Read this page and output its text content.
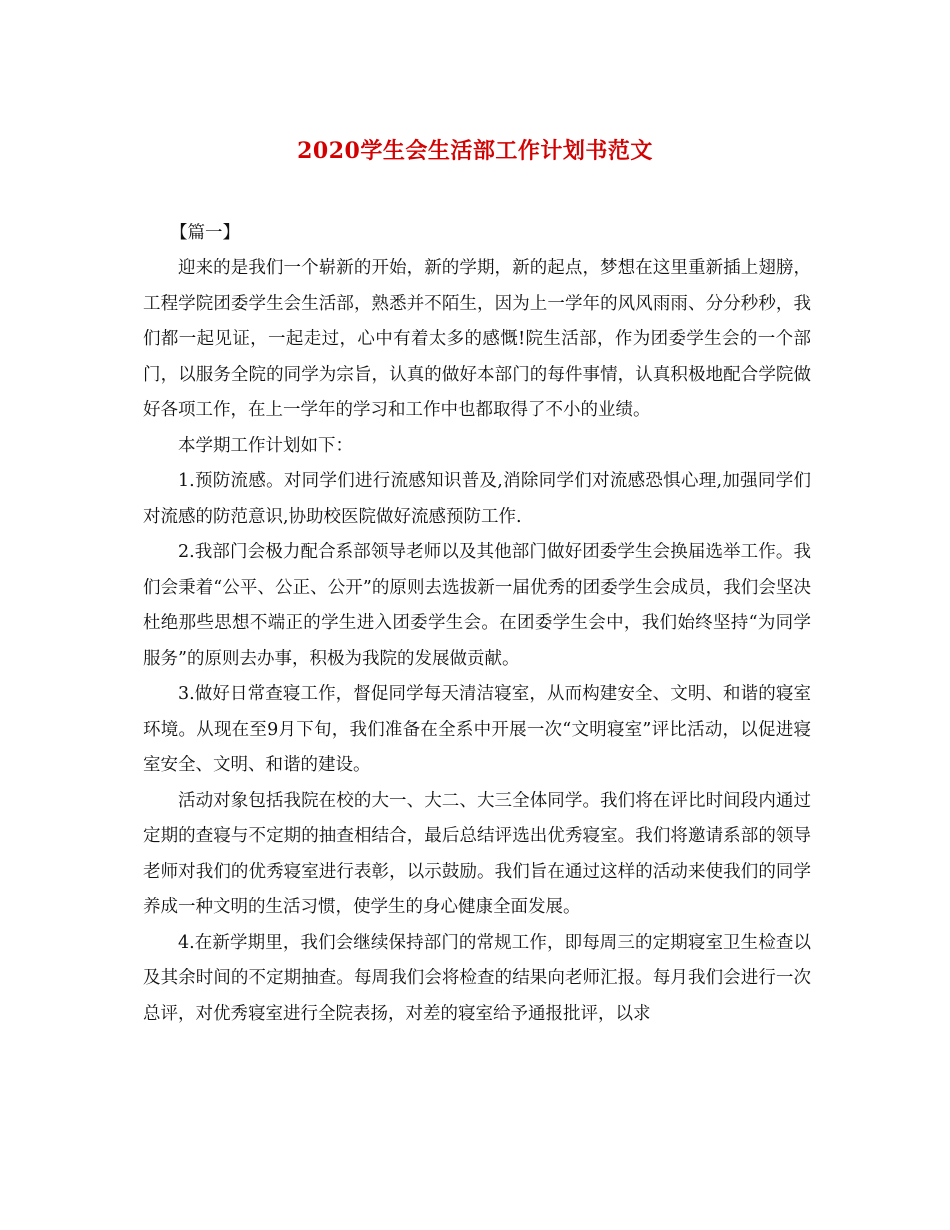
2020学生会生活部工作计划书范文
【篇一】

迎来的是我们一个崭新的开始，新的学期，新的起点，梦想在这里重新插上翅膀，工程学院团委学生会生活部，熟悉并不陌生，因为上一学年的风风雨雨、分分秒秒，我们都一起见证，一起走过，心中有着太多的感慨!院生活部，作为团委学生会的一个部门，以服务全院的同学为宗旨，认真的做好本部门的每件事情，认真积极地配合学院做好各项工作，在上一学年的学习和工作中也都取得了不小的业绩。

本学期工作计划如下：

1.预防流感。对同学们进行流感知识普及,消除同学们对流感恐惧心理,加强同学们对流感的防范意识,协助校医院做好流感预防工作.

2.我部门会极力配合系部领导老师以及其他部门做好团委学生会换届选举工作。我们会秉着“公平、公正、公开”的原则去选拔新一届优秀的团委学生会成员，我们会坚决杜绝那些思想不端正的学生进入团委学生会。在团委学生会中，我们始终坚持“为同学服务”的原则去办事，积极为我院的发展做贡献。

3.做好日常查寝工作，督促同学每天清洁寝室，从而构建安全、文明、和谐的寝室环境。从现在至9月下旬，我们准备在全系中开展一次“文明寝室”评比活动，以促进寝室安全、文明、和谐的建设。

活动对象包括我院在校的大一、大二、大三全体同学。我们将在评比时间段内通过定期的查寝与不定期的抽查相结合，最后总结评选出优秀寝室。我们将邀请系部的领导老师对我们的优秀寝室进行表彰，以示鼓励。我们旨在通过这样的活动来使我们的同学养成一种文明的生活习惯，使学生的身心健康全面发展。

4.在新学期里，我们会继续保持部门的常规工作，即每周三的定期寝室卫生检查以及其余时间的不定期抽查。每周我们会将检查的结果向老师汇报。每月我们会进行一次总评，对优秀寝室进行全院表扬，对差的寝室给予通报批评，以求
